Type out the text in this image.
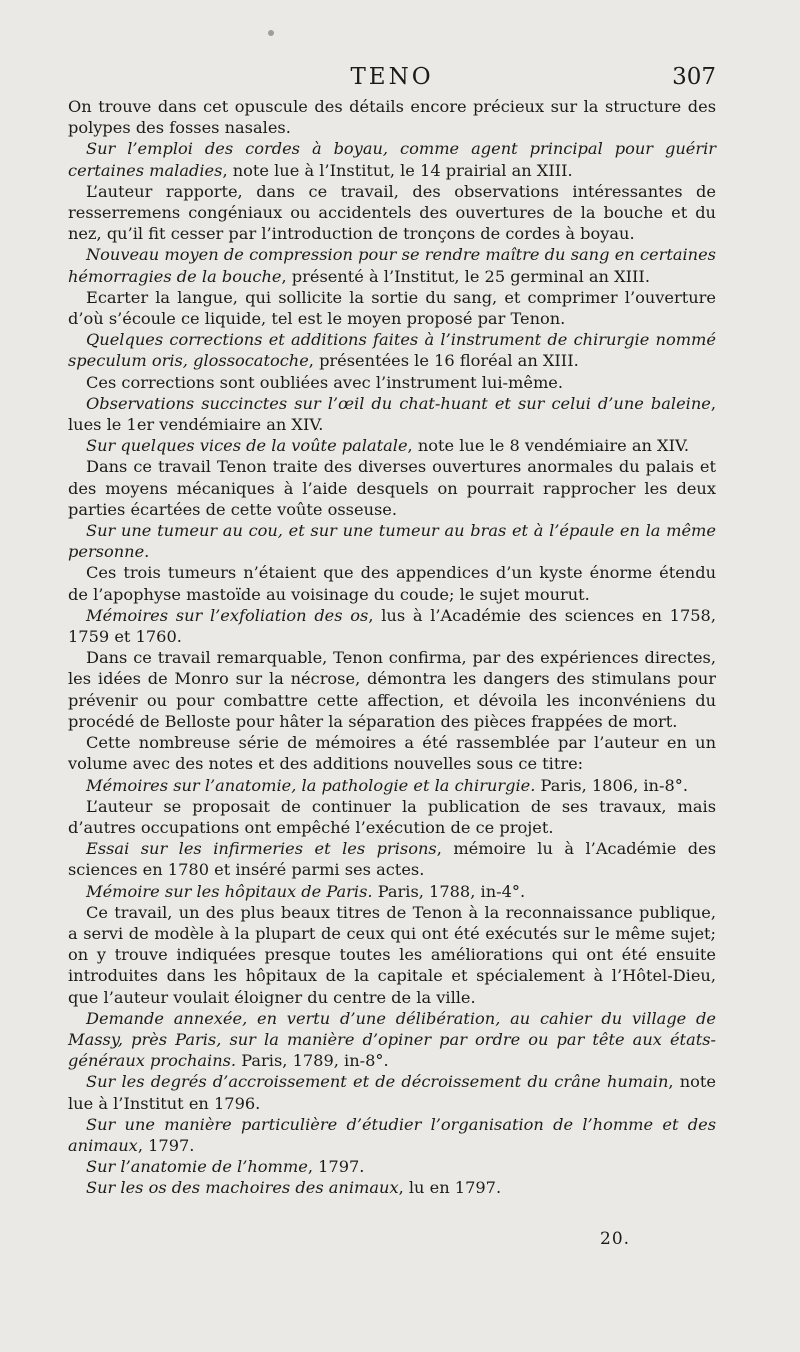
TENO	307

On trouve dans cet opuscule des détails encore précieux sur la structure des polypes des fosses nasales.

Sur l’emploi des cordes à boyau, comme agent principal pour guérir certaines maladies, note lue à l’Institut, le 14 prairial an XIII.

L’auteur rapporte, dans ce travail, des observations intéressantes de resserremens congéniaux ou accidentels des ouvertures de la bouche et du nez, qu’il fit cesser par l’introduction de tronçons de cordes à boyau.

Nouveau moyen de compression pour se rendre maître du sang en certaines hémorragies de la bouche, présenté à l’Institut, le 25 germinal an XIII.

Ecarter la langue, qui sollicite la sortie du sang, et comprimer l’ouverture d’où s’écoule ce liquide, tel est le moyen proposé par Tenon.

Quelques corrections et additions faites à l’instrument de chirurgie nommé speculum oris, glossocatoche, présentées le 16 floréal an XIII.

Ces corrections sont oubliées avec l’instrument lui-même.

Observations succinctes sur l’œil du chat-huant et sur celui d’une baleine, lues le 1er vendémiaire an XIV.

Sur quelques vices de la voûte palatale, note lue le 8 vendémiaire an XIV.

Dans ce travail Tenon traite des diverses ouvertures anormales du palais et des moyens mécaniques à l’aide desquels on pourrait rapprocher les deux parties écartées de cette voûte osseuse.

Sur une tumeur au cou, et sur une tumeur au bras et à l’épaule en la même personne.

Ces trois tumeurs n’étaient que des appendices d’un kyste énorme étendu de l’apophyse mastoïde au voisinage du coude; le sujet mourut.

Mémoires sur l’exfoliation des os, lus à l’Académie des sciences en 1758, 1759 et 1760.

Dans ce travail remarquable, Tenon confirma, par des expériences directes, les idées de Monro sur la nécrose, démontra les dangers des stimulans pour prévenir ou pour combattre cette affection, et dévoila les inconvéniens du procédé de Belloste pour hâter la séparation des pièces frappées de mort.

Cette nombreuse série de mémoires a été rassemblée par l’auteur en un volume avec des notes et des additions nouvelles sous ce titre:

Mémoires sur l’anatomie, la pathologie et la chirurgie. Paris, 1806, in-8°.

L’auteur se proposait de continuer la publication de ses travaux, mais d’autres occupations ont empêché l’exécution de ce projet.

Essai sur les infirmeries et les prisons, mémoire lu à l’Académie des sciences en 1780 et inséré parmi ses actes.

Mémoire sur les hôpitaux de Paris. Paris, 1788, in-4°.

Ce travail, un des plus beaux titres de Tenon à la reconnaissance publique, a servi de modèle à la plupart de ceux qui ont été exécutés sur le même sujet; on y trouve indiquées presque toutes les améliorations qui ont été ensuite introduites dans les hôpitaux de la capitale et spécialement à l’Hôtel-Dieu, que l’auteur voulait éloigner du centre de la ville.

Demande annexée, en vertu d’une délibération, au cahier du village de Massy, près Paris, sur la manière d’opiner par ordre ou par tête aux états-généraux prochains. Paris, 1789, in-8°.

Sur les degrés d’accroissement et de décroissement du crâne humain, note lue à l’Institut en 1796.

Sur une manière particulière d’étudier l’organisation de l’homme et des animaux, 1797.

Sur l’anatomie de l’homme, 1797.

Sur les os des machoires des animaux, lu en 1797.

20.
